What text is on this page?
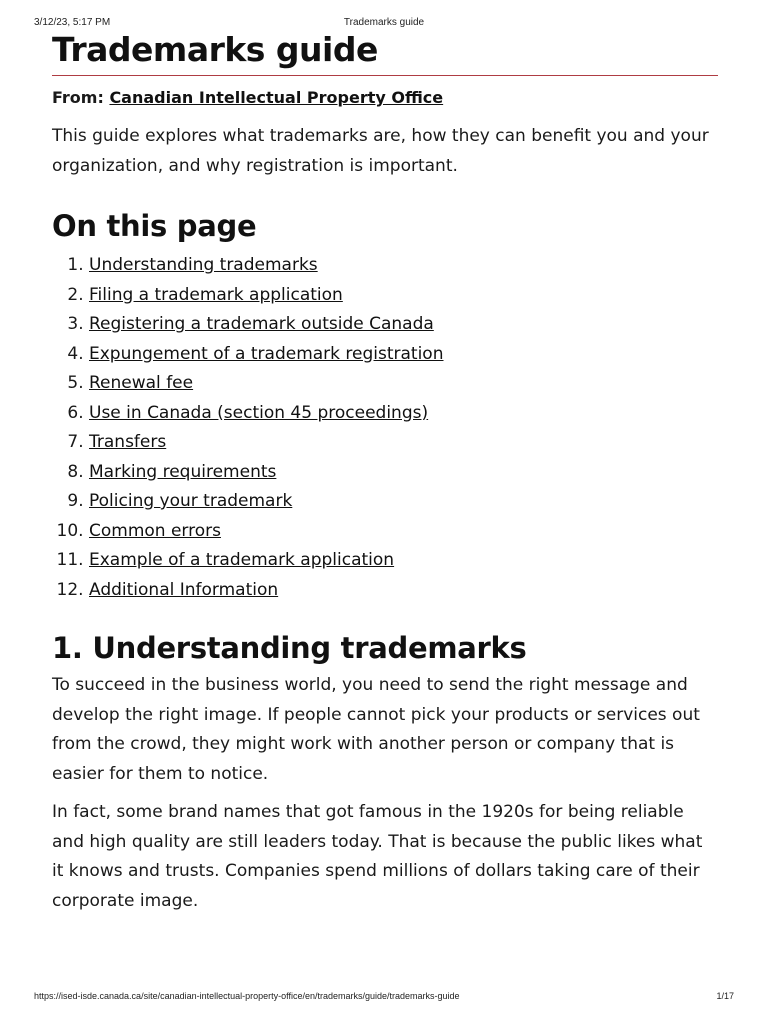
3/12/23, 5:17 PM	Trademarks guide
Trademarks guide

From: Canadian Intellectual Property Office

This guide explores what trademarks are, how they can benefit you and your organization, and why registration is important.

On this page
1. Understanding trademarks
2. Filing a trademark application
3. Registering a trademark outside Canada
4. Expungement of a trademark registration
5. Renewal fee
6. Use in Canada (section 45 proceedings)
7. Transfers
8. Marking requirements
9. Policing your trademark
10. Common errors
11. Example of a trademark application
12. Additional Information
1. Understanding trademarks

To succeed in the business world, you need to send the right message and develop the right image. If people cannot pick your products or services out from the crowd, they might work with another person or company that is easier for them to notice.

In fact, some brand names that got famous in the 1920s for being reliable and high quality are still leaders today. That is because the public likes what it knows and trusts. Companies spend millions of dollars taking care of their corporate image.

https://ised-isde.canada.ca/site/canadian-intellectual-property-office/en/trademarks/guide/trademarks-guide	1/17
